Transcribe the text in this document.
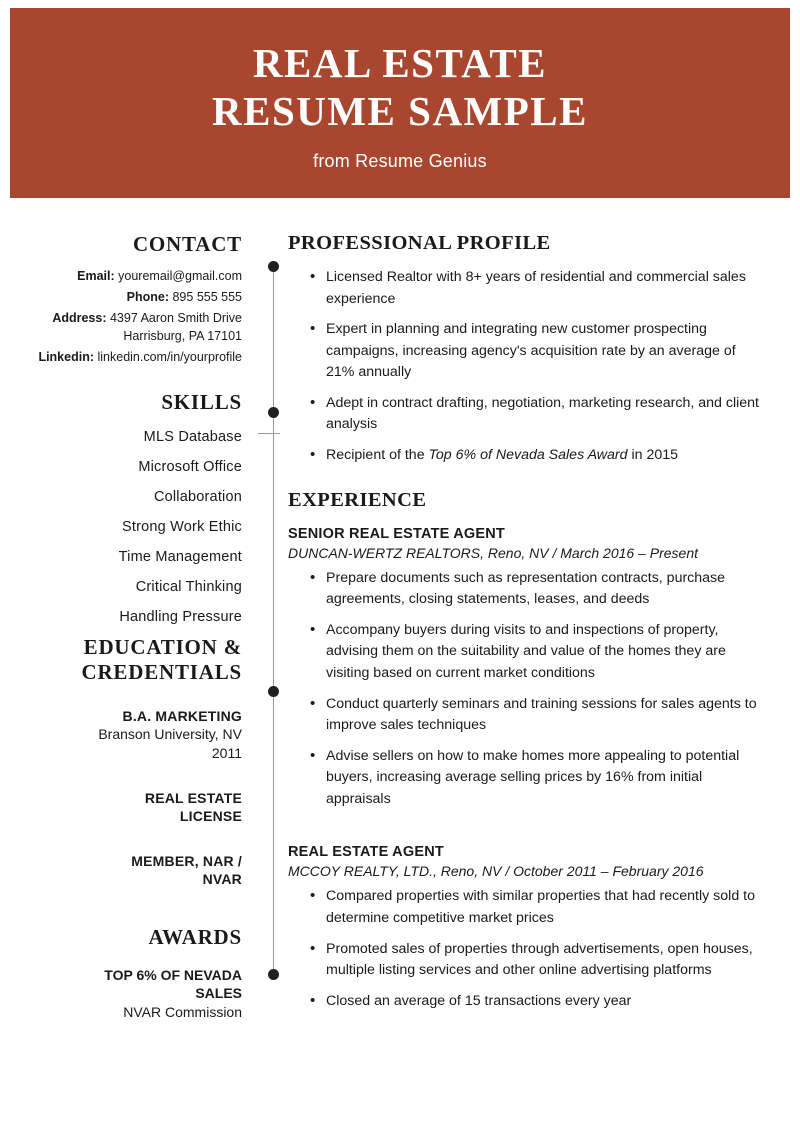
REAL ESTATE
RESUME SAMPLE
from Resume Genius
CONTACT
Email: youremail@gmail.com
Phone: 895 555 555
Address: 4397 Aaron Smith Drive
Harrisburg, PA 17101
Linkedin: linkedin.com/in/yourprofile
SKILLS
MLS Database
Microsoft Office
Collaboration
Strong Work Ethic
Time Management
Critical Thinking
Handling Pressure
EDUCATION &
CREDENTIALS
B.A. MARKETING
Branson University, NV
2011
REAL ESTATE
LICENSE
MEMBER, NAR /
NVAR
AWARDS
TOP 6% OF NEVADA
SALES
NVAR Commission
PROFESSIONAL PROFILE
• Licensed Realtor with 8+ years of residential and commercial sales experience
• Expert in planning and integrating new customer prospecting campaigns, increasing agency's acquisition rate by an average of 21% annually
• Adept in contract drafting, negotiation, marketing research, and client analysis
• Recipient of the Top 6% of Nevada Sales Award in 2015
EXPERIENCE
SENIOR REAL ESTATE AGENT
DUNCAN-WERTZ REALTORS, Reno, NV / March 2016 – Present
• Prepare documents such as representation contracts, purchase agreements, closing statements, leases, and deeds
• Accompany buyers during visits to and inspections of property, advising them on the suitability and value of the homes they are visiting based on current market conditions
• Conduct quarterly seminars and training sessions for sales agents to improve sales techniques
• Advise sellers on how to make homes more appealing to potential buyers, increasing average selling prices by 16% from initial appraisals
REAL ESTATE AGENT
MCCOY REALTY, LTD., Reno, NV / October 2011 – February 2016
• Compared properties with similar properties that had recently sold to determine competitive market prices
• Promoted sales of properties through advertisements, open houses, multiple listing services and other online advertising platforms
• Closed an average of 15 transactions every year
